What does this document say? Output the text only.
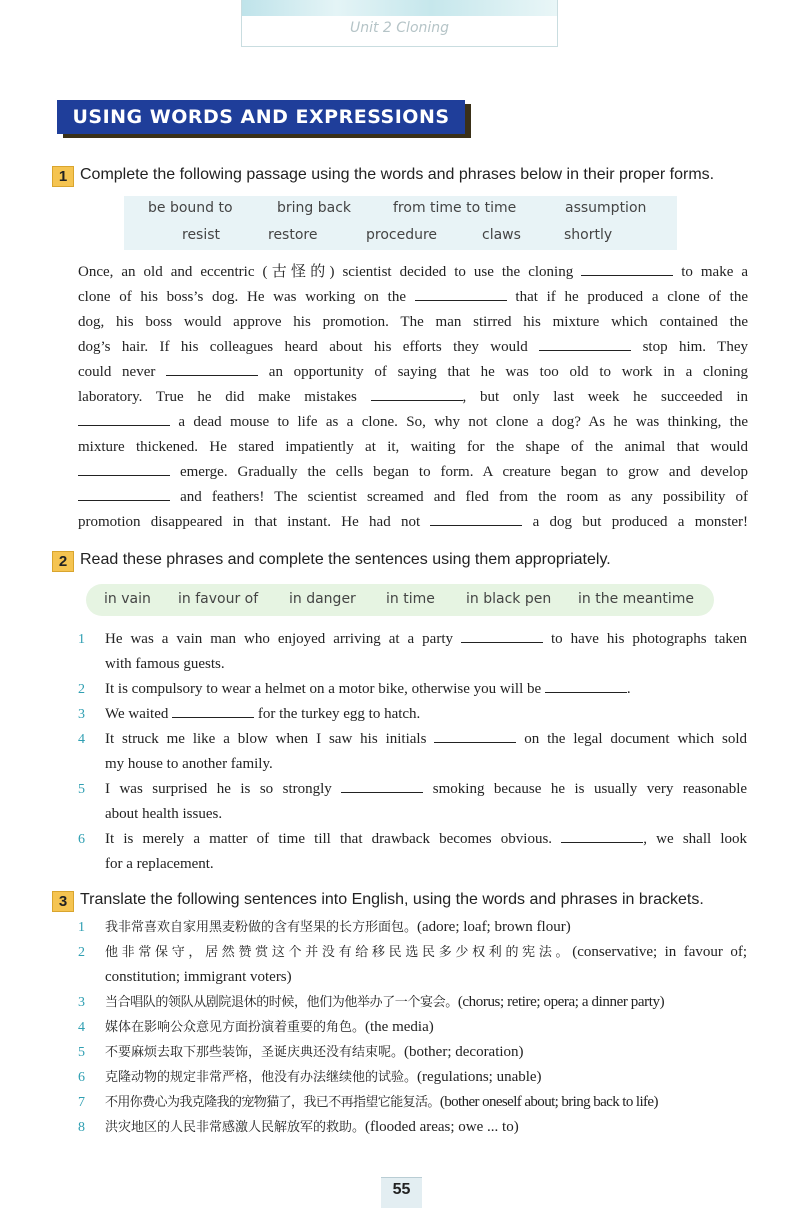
Unit 2 Cloning
USING WORDS AND EXPRESSIONS
1 Complete the following passage using the words and phrases below in their proper forms.
be bound to	bring back	from time to time	assumption
resist	restore	procedure	claws	shortly
Once, an old and eccentric (古怪的) scientist decided to use the cloning	to make a
clone of his boss’s dog. He was working on the	that if he produced a clone of the
dog, his boss would approve his promotion. The man stirred his mixture which contained the
dog’s hair. If his colleagues heard about his efforts they would	stop him. They
could never	an opportunity of saying that he was too old to work in a cloning
laboratory. True he did make mistakes	, but only last week he succeeded in
a dead mouse to life as a clone. So, why not clone a dog? As he was thinking, the
mixture thickened. He stared impatiently at it, waiting for the shape of the animal that would
emerge. Gradually the cells began to form. A creature began to grow and develop
and feathers! The scientist screamed and fled from the room as any possibility of
promotion disappeared in that instant. He had not	a dog but produced a monster!
2 Read these phrases and complete the sentences using them appropriately.
in vain in favour of in danger in time in black pen in the meantime
1	He was a vain man who enjoyed arriving at a party	to have his photographs taken
with famous guests.
2	It is compulsory to wear a helmet on a motor bike, otherwise you will be	.
3	We waited	for the turkey egg to hatch.
4	It struck me like a blow when I saw his initials	on the legal document which sold
my house to another family.
5	I was surprised he is so strongly	smoking because he is usually very reasonable
about health issues.
6	It is merely a matter of time till that drawback becomes obvious.	, we shall look
for a replacement.
3 Translate the following sentences into English, using the words and phrases in brackets.
1	我非常喜欢自家用黑麦粉做的含有坚果的长方形面包。(adore; loaf; brown flour)
2	他非常保守，居然赞赏这个并没有给移民选民多少权利的宪法。(conservative; in favour of;
constitution; immigrant voters)
3	当合唱队的领队从剧院退休的时候，他们为他举办了一个宴会。(chorus; retire; opera; a dinner party)
4	媒体在影响公众意见方面扮演着重要的角色。(the media)
5	不要麻烦去取下那些装饰，圣诞庆典还没有结束呢。(bother; decoration)
6	克隆动物的规定非常严格，他没有办法继续他的试验。(regulations; unable)
7	不用你费心为我克隆我的宠物猫了，我已不再指望它能复活。(bother oneself about; bring back to life)
8	洪灾地区的人民非常感激人民解放军的救助。(flooded areas; owe ... to)
55
